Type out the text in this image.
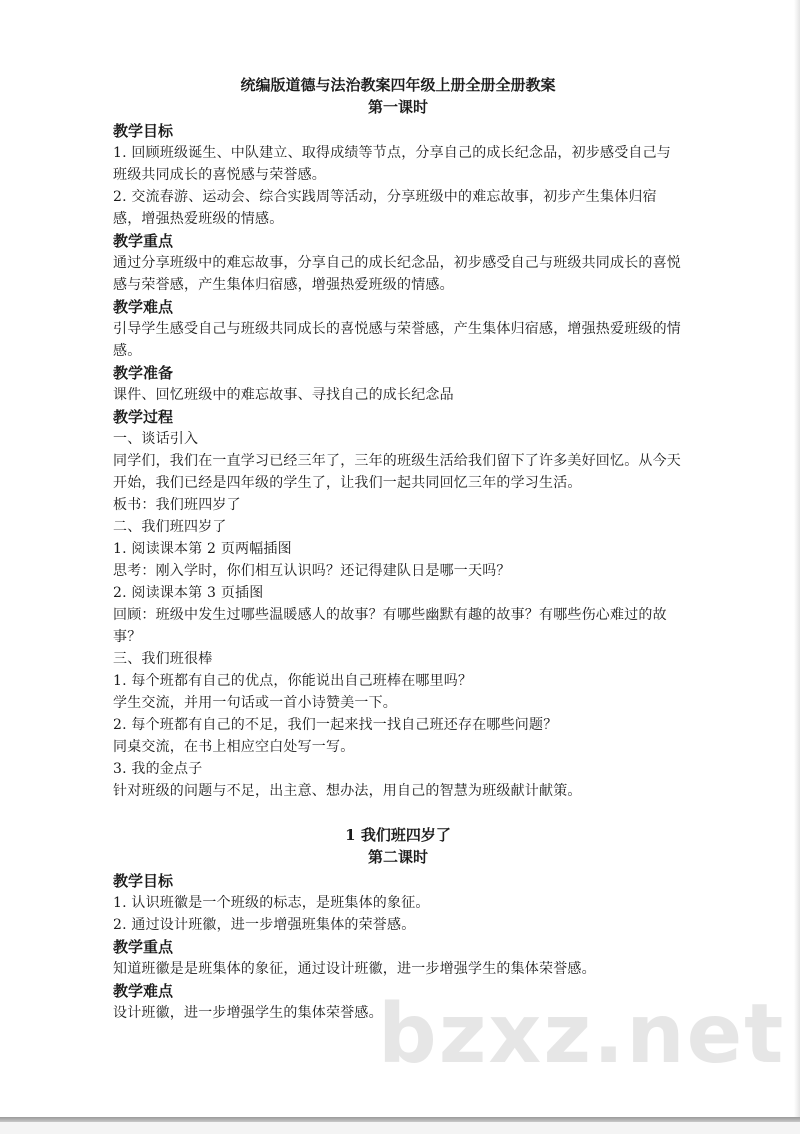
统编版道德与法治教案四年级上册全册全册教案

第一课时

教学目标

1. 回顾班级诞生、中队建立、取得成绩等节点，分享自己的成长纪念品，初步感受自己与班级共同成长的喜悦感与荣誉感。

2. 交流春游、运动会、综合实践周等活动，分享班级中的难忘故事，初步产生集体归宿感，增强热爱班级的情感。

教学重点

通过分享班级中的难忘故事，分享自己的成长纪念品，初步感受自己与班级共同成长的喜悦感与荣誉感，产生集体归宿感，增强热爱班级的情感。

教学难点

引导学生感受自己与班级共同成长的喜悦感与荣誉感，产生集体归宿感，增强热爱班级的情感。

教学准备

课件、回忆班级中的难忘故事、寻找自己的成长纪念品

教学过程

一、谈话引入

同学们，我们在一直学习已经三年了，三年的班级生活给我们留下了许多美好回忆。从今天开始，我们已经是四年级的学生了，让我们一起共同回忆三年的学习生活。

板书：我们班四岁了

二、我们班四岁了

1. 阅读课本第 2 页两幅插图

思考：刚入学时，你们相互认识吗？还记得建队日是哪一天吗？

2. 阅读课本第 3 页插图

回顾：班级中发生过哪些温暖感人的故事？有哪些幽默有趣的故事？有哪些伤心难过的故事？

三、我们班很棒

1. 每个班都有自己的优点，你能说出自己班棒在哪里吗？

学生交流，并用一句话或一首小诗赞美一下。

2. 每个班都有自己的不足，我们一起来找一找自己班还存在哪些问题？

同桌交流，在书上相应空白处写一写。

3. 我的金点子

针对班级的问题与不足，出主意、想办法，用自己的智慧为班级献计献策。

1 我们班四岁了

第二课时

教学目标

1. 认识班徽是一个班级的标志，是班集体的象征。

2. 通过设计班徽，进一步增强班集体的荣誉感。

教学重点

知道班徽是是班集体的象征，通过设计班徽，进一步增强学生的集体荣誉感。

教学难点

设计班徽，进一步增强学生的集体荣誉感。

bzxz.net
